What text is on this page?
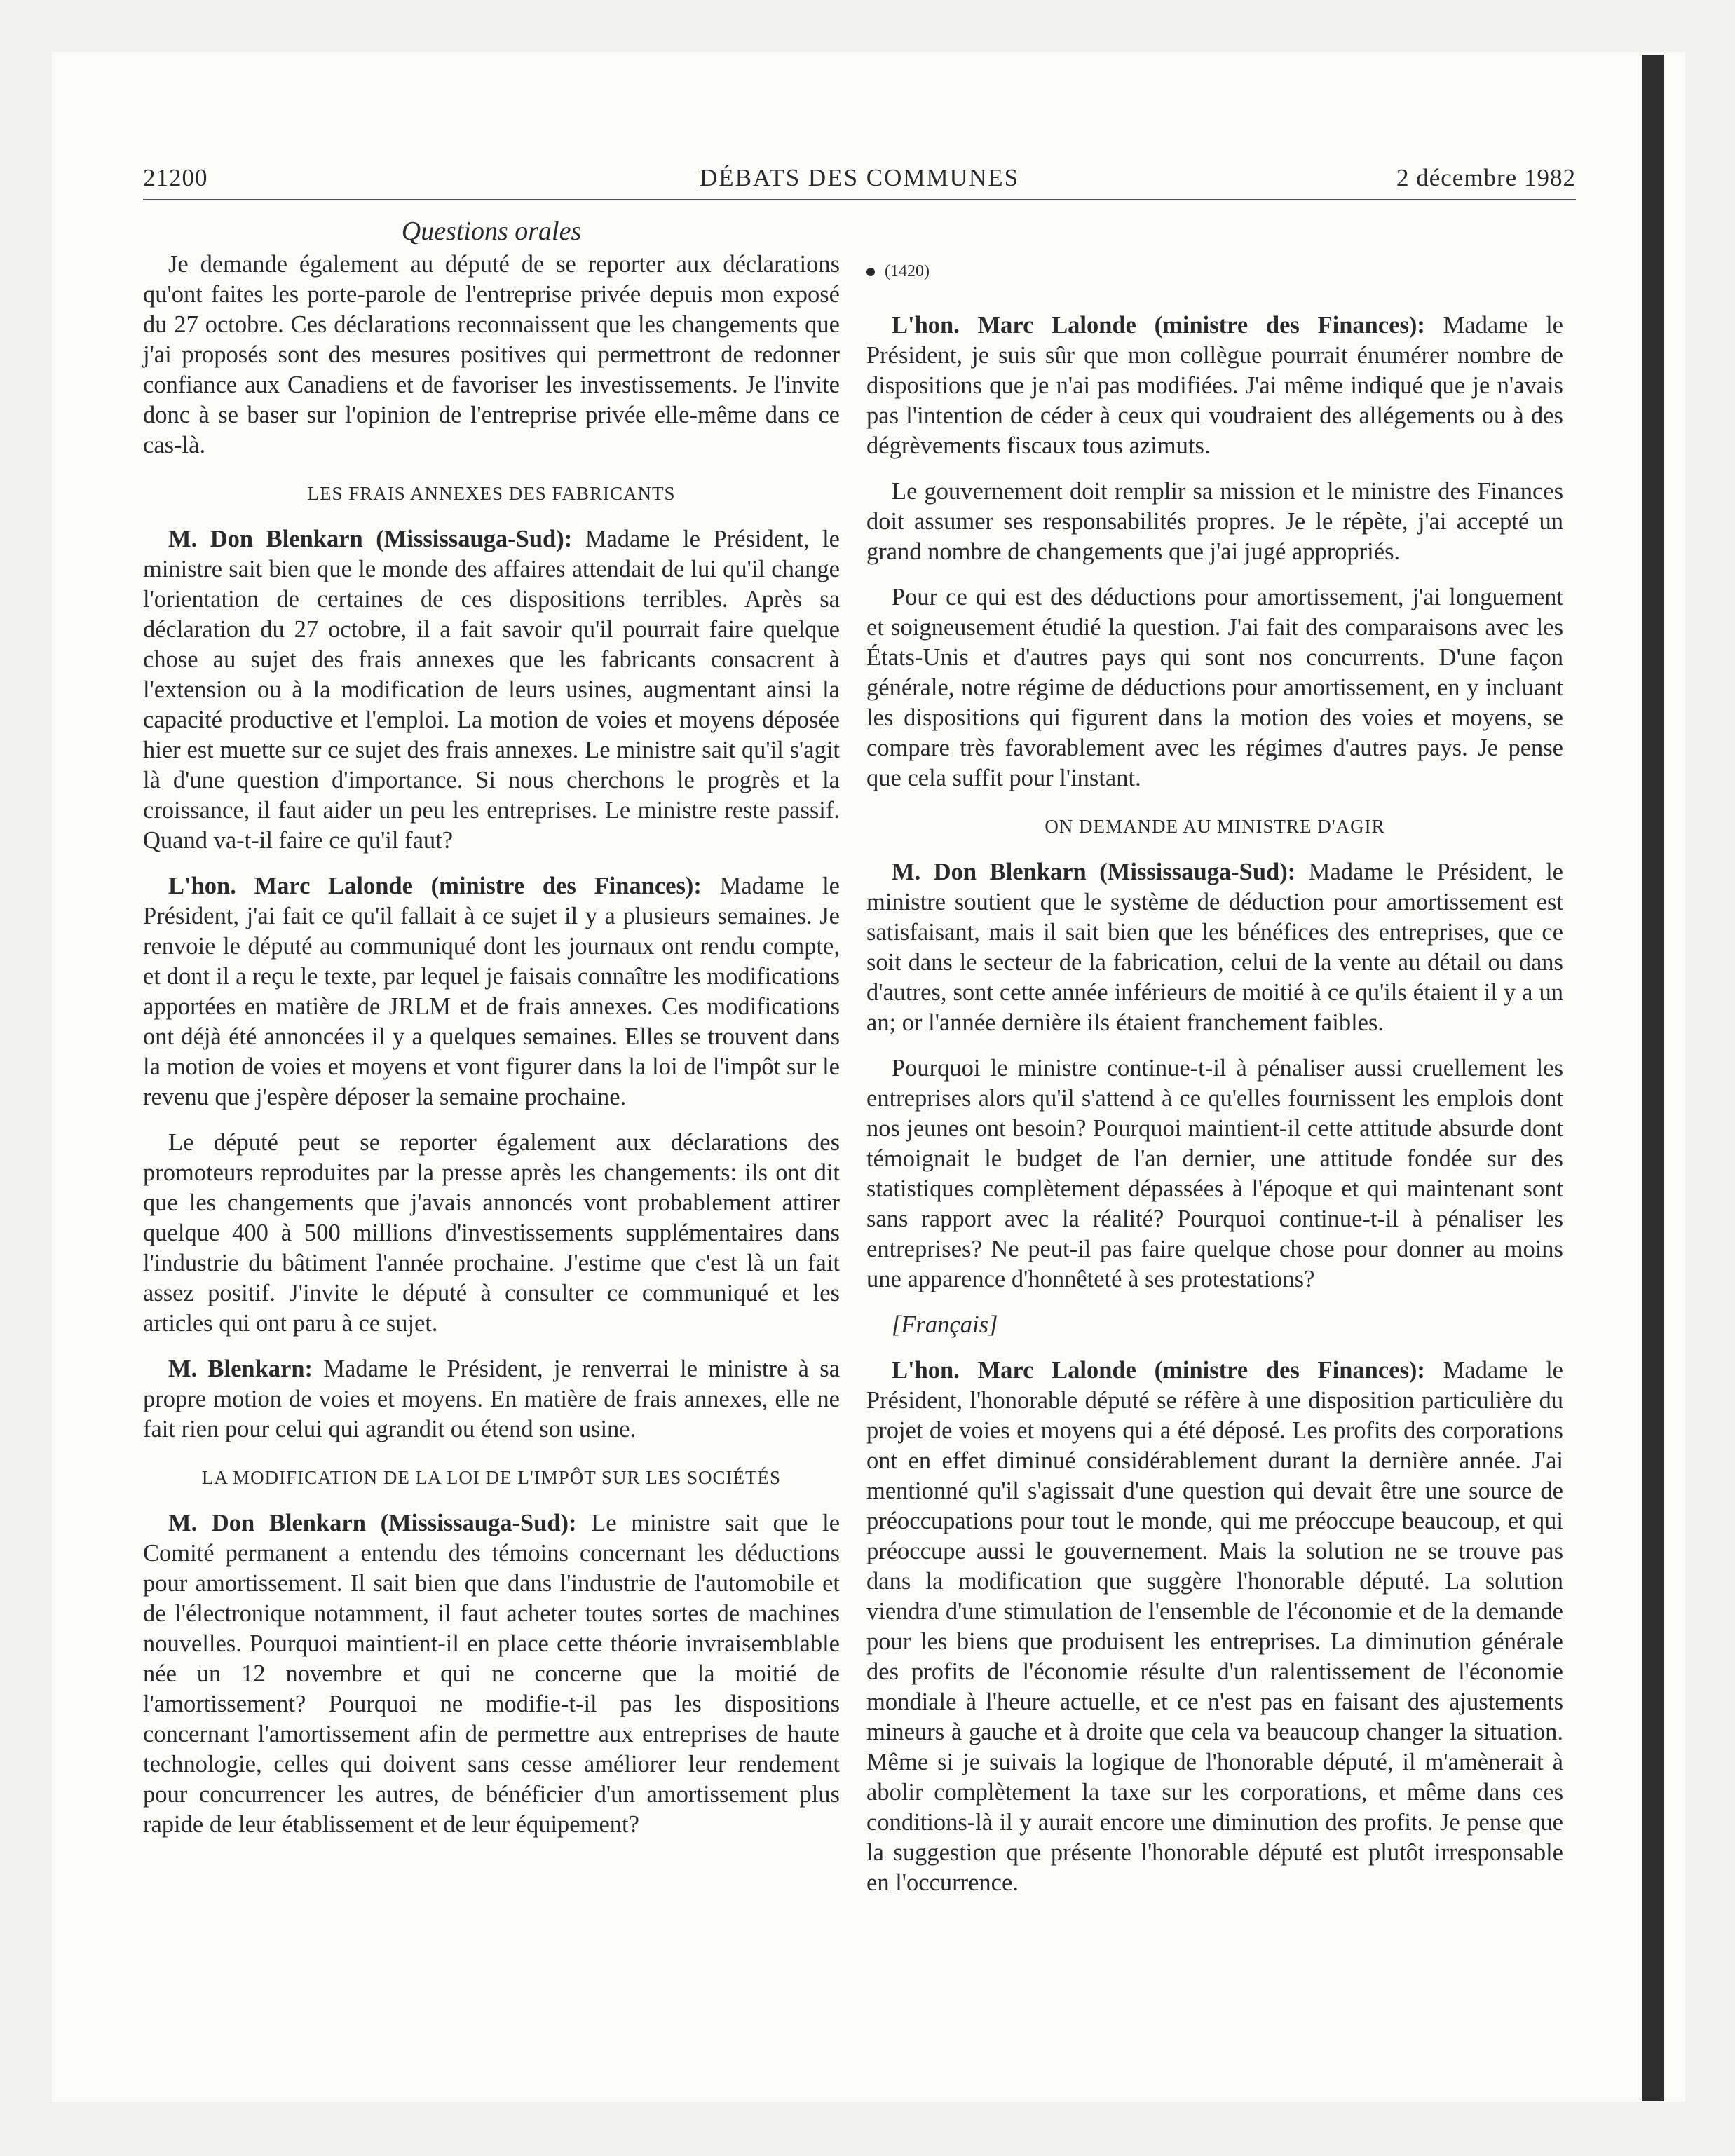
21200	DÉBATS DES COMMUNES	2 décembre 1982
Questions orales

Je demande également au député de se reporter aux déclarations qu'ont faites les porte-parole de l'entreprise privée depuis mon exposé du 27 octobre. Ces déclarations reconnaissent que les changements que j'ai proposés sont des mesures positives qui permettront de redonner confiance aux Canadiens et de favoriser les investissements. Je l'invite donc à se baser sur l'opinion de l'entreprise privée elle-même dans ce cas-là.

LES FRAIS ANNEXES DES FABRICANTS

M. Don Blenkarn (Mississauga-Sud): Madame le Président, le ministre sait bien que le monde des affaires attendait de lui qu'il change l'orientation de certaines de ces dispositions terribles. Après sa déclaration du 27 octobre, il a fait savoir qu'il pourrait faire quelque chose au sujet des frais annexes que les fabricants consacrent à l'extension ou à la modification de leurs usines, augmentant ainsi la capacité productive et l'emploi. La motion de voies et moyens déposée hier est muette sur ce sujet des frais annexes. Le ministre sait qu'il s'agit là d'une question d'importance. Si nous cherchons le progrès et la croissance, il faut aider un peu les entreprises. Le ministre reste passif. Quand va-t-il faire ce qu'il faut?

L'hon. Marc Lalonde (ministre des Finances): Madame le Président, j'ai fait ce qu'il fallait à ce sujet il y a plusieurs semaines. Je renvoie le député au communiqué dont les journaux ont rendu compte, et dont il a reçu le texte, par lequel je faisais connaître les modifications apportées en matière de JRLM et de frais annexes. Ces modifications ont déjà été annoncées il y a quelques semaines. Elles se trouvent dans la motion de voies et moyens et vont figurer dans la loi de l'impôt sur le revenu que j'espère déposer la semaine prochaine.

Le député peut se reporter également aux déclarations des promoteurs reproduites par la presse après les changements: ils ont dit que les changements que j'avais annoncés vont probablement attirer quelque 400 à 500 millions d'investissements supplémentaires dans l'industrie du bâtiment l'année prochaine. J'estime que c'est là un fait assez positif. J'invite le député à consulter ce communiqué et les articles qui ont paru à ce sujet.

M. Blenkarn: Madame le Président, je renverrai le ministre à sa propre motion de voies et moyens. En matière de frais annexes, elle ne fait rien pour celui qui agrandit ou étend son usine.

LA MODIFICATION DE LA LOI DE L'IMPÔT SUR LES SOCIÉTÉS

M. Don Blenkarn (Mississauga-Sud): Le ministre sait que le Comité permanent a entendu des témoins concernant les déductions pour amortissement. Il sait bien que dans l'industrie de l'automobile et de l'électronique notamment, il faut acheter toutes sortes de machines nouvelles. Pourquoi maintient-il en place cette théorie invraisemblable née un 12 novembre et qui ne concerne que la moitié de l'amortissement? Pourquoi ne modifie-t-il pas les dispositions concernant l'amortissement afin de permettre aux entreprises de haute technologie, celles qui doivent sans cesse améliorer leur rendement pour concurrencer les autres, de bénéficier d'un amortissement plus rapide de leur établissement et de leur équipement?

(1420)

L'hon. Marc Lalonde (ministre des Finances): Madame le Président, je suis sûr que mon collègue pourrait énumérer nombre de dispositions que je n'ai pas modifiées. J'ai même indiqué que je n'avais pas l'intention de céder à ceux qui voudraient des allégements ou à des dégrèvements fiscaux tous azimuts.

Le gouvernement doit remplir sa mission et le ministre des Finances doit assumer ses responsabilités propres. Je le répète, j'ai accepté un grand nombre de changements que j'ai jugé appropriés.

Pour ce qui est des déductions pour amortissement, j'ai longuement et soigneusement étudié la question. J'ai fait des comparaisons avec les États-Unis et d'autres pays qui sont nos concurrents. D'une façon générale, notre régime de déductions pour amortissement, en y incluant les dispositions qui figurent dans la motion des voies et moyens, se compare très favorablement avec les régimes d'autres pays. Je pense que cela suffit pour l'instant.

ON DEMANDE AU MINISTRE D'AGIR

M. Don Blenkarn (Mississauga-Sud): Madame le Président, le ministre soutient que le système de déduction pour amortissement est satisfaisant, mais il sait bien que les bénéfices des entreprises, que ce soit dans le secteur de la fabrication, celui de la vente au détail ou dans d'autres, sont cette année inférieurs de moitié à ce qu'ils étaient il y a un an; or l'année dernière ils étaient franchement faibles.

Pourquoi le ministre continue-t-il à pénaliser aussi cruellement les entreprises alors qu'il s'attend à ce qu'elles fournissent les emplois dont nos jeunes ont besoin? Pourquoi maintient-il cette attitude absurde dont témoignait le budget de l'an dernier, une attitude fondée sur des statistiques complètement dépassées à l'époque et qui maintenant sont sans rapport avec la réalité? Pourquoi continue-t-il à pénaliser les entreprises? Ne peut-il pas faire quelque chose pour donner au moins une apparence d'honnêteté à ses protestations?

[Français]

L'hon. Marc Lalonde (ministre des Finances): Madame le Président, l'honorable député se réfère à une disposition particulière du projet de voies et moyens qui a été déposé. Les profits des corporations ont en effet diminué considérablement durant la dernière année. J'ai mentionné qu'il s'agissait d'une question qui devait être une source de préoccupations pour tout le monde, qui me préoccupe beaucoup, et qui préoccupe aussi le gouvernement. Mais la solution ne se trouve pas dans la modification que suggère l'honorable député. La solution viendra d'une stimulation de l'ensemble de l'économie et de la demande pour les biens que produisent les entreprises. La diminution générale des profits de l'économie résulte d'un ralentissement de l'économie mondiale à l'heure actuelle, et ce n'est pas en faisant des ajustements mineurs à gauche et à droite que cela va beaucoup changer la situation. Même si je suivais la logique de l'honorable député, il m'amènerait à abolir complètement la taxe sur les corporations, et même dans ces conditions-là il y aurait encore une diminution des profits. Je pense que la suggestion que présente l'honorable député est plutôt irresponsable en l'occurrence.
